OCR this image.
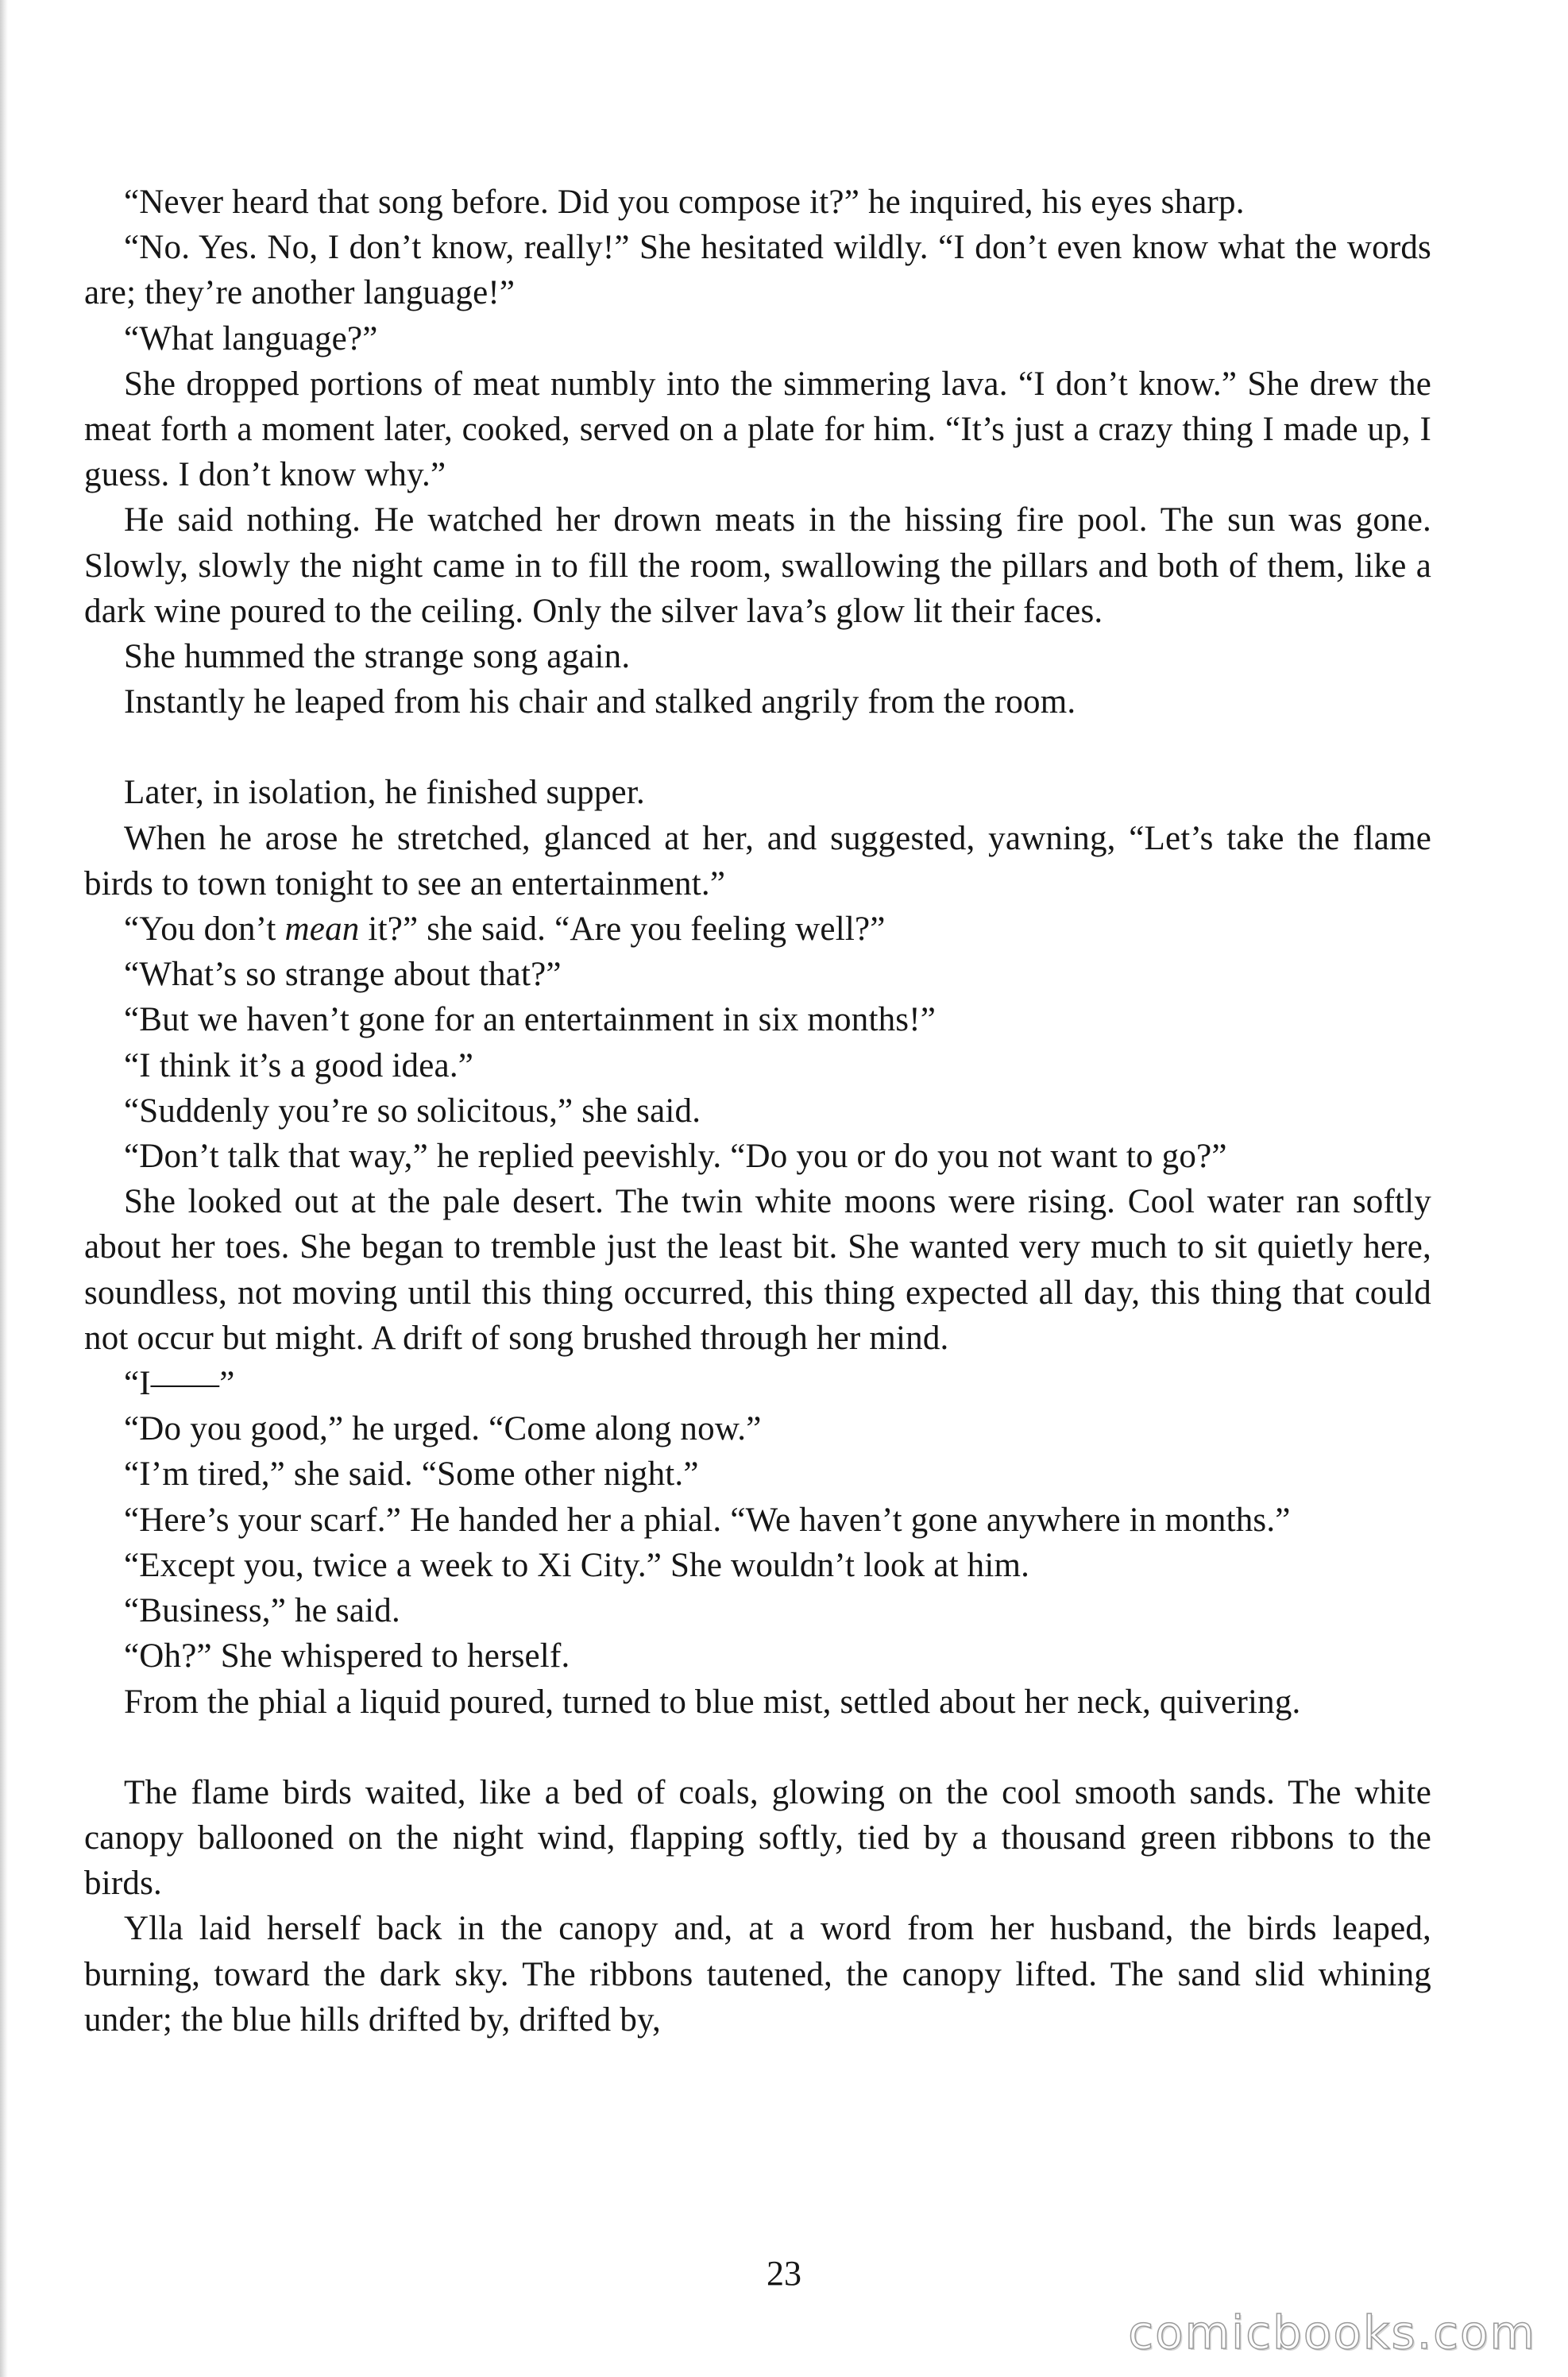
“Never heard that song before. Did you compose it?” he inquired, his eyes sharp.

“No. Yes. No, I don’t know, really!” She hesitated wildly. “I don’t even know what the words are; they’re another language!”

“What language?”

She dropped portions of meat numbly into the simmering lava. “I don’t know.” She drew the meat forth a moment later, cooked, served on a plate for him. “It’s just a crazy thing I made up, I guess. I don’t know why.”

He said nothing. He watched her drown meats in the hissing fire pool. The sun was gone. Slowly, slowly the night came in to fill the room, swallowing the pillars and both of them, like a dark wine poured to the ceiling. Only the silver lava’s glow lit their faces.

She hummed the strange song again.

Instantly he leaped from his chair and stalked angrily from the room.

Later, in isolation, he finished supper.

When he arose he stretched, glanced at her, and suggested, yawning, “Let’s take the flame birds to town tonight to see an entertainment.”

“You don’t mean it?” she said. “Are you feeling well?”

“What’s so strange about that?”

“But we haven’t gone for an entertainment in six months!”

“I think it’s a good idea.”

“Suddenly you’re so solicitous,” she said.

“Don’t talk that way,” he replied peevishly. “Do you or do you not want to go?”

She looked out at the pale desert. The twin white moons were rising. Cool water ran softly about her toes. She began to tremble just the least bit. She wanted very much to sit quietly here, soundless, not moving until this thing occurred, this thing expected all day, this thing that could not occur but might. A drift of song brushed through her mind.

“I——”

“Do you good,” he urged. “Come along now.”

“I’m tired,” she said. “Some other night.”

“Here’s your scarf.” He handed her a phial. “We haven’t gone anywhere in months.”

“Except you, twice a week to Xi City.” She wouldn’t look at him.

“Business,” he said.

“Oh?” She whispered to herself.

From the phial a liquid poured, turned to blue mist, settled about her neck, quivering.

The flame birds waited, like a bed of coals, glowing on the cool smooth sands. The white canopy ballooned on the night wind, flapping softly, tied by a thousand green ribbons to the birds.

Ylla laid herself back in the canopy and, at a word from her husband, the birds leaped, burning, toward the dark sky. The ribbons tautened, the canopy lifted. The sand slid whining under; the blue hills drifted by, drifted by,

23
comicbooks.com
